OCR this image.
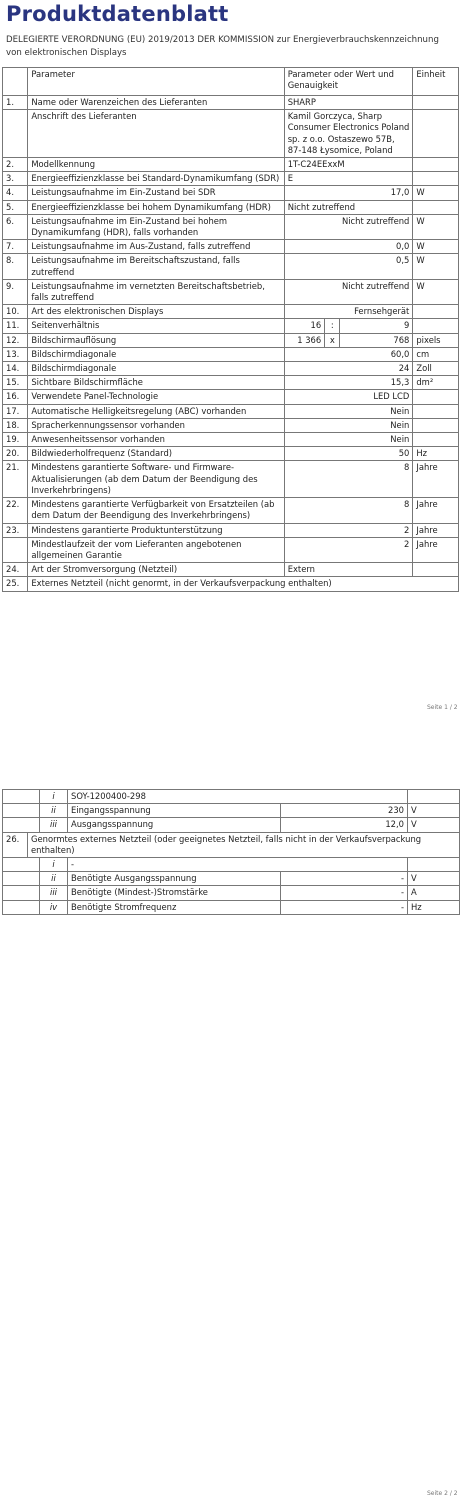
Produktdatenblatt
DELEGIERTE VERORDNUNG (EU) 2019/2013 DER KOMMISSION zur Energieverbrauchskennzeichnung von elektronischen Displays
	Parameter	Parameter oder Wert und Genauigkeit			Einheit
1.	Name oder Warenzeichen des Lieferanten	SHARP			
	Anschrift des Lieferanten	Kamil Gorczyca, Sharp Consumer Electronics Poland sp. z o.o. Ostaszewo 57B, 87-148 Łysomice, Poland			
2.	Modellkennung	1T-C24EExxM			
3.	Energieeffizienzklasse bei Standard-Dynamikumfang (SDR)	E			
4.	Leistungsaufnahme im Ein-Zustand bei SDR	17,0			W
5.	Energieeffizienzklasse bei hohem Dynamikumfang (HDR)	Nicht zutreffend			
6.	Leistungsaufnahme im Ein-Zustand bei hohem Dynamikumfang (HDR), falls vorhanden	Nicht zutreffend			W
7.	Leistungsaufnahme im Aus-Zustand, falls zutreffend	0,0			W
8.	Leistungsaufnahme im Bereitschaftszustand, falls zutreffend	0,5			W
9.	Leistungsaufnahme im vernetzten Bereitschaftsbetrieb, falls zutreffend	Nicht zutreffend			W
10.	Art des elektronischen Displays	Fernsehgerät			
11.	Seitenverhältnis	16	:	9	
12.	Bildschirmauflösung	1 366	x	768	pixels
13.	Bildschirmdiagonale	60,0			cm
14.	Bildschirmdiagonale	24			Zoll
15.	Sichtbare Bildschirmfläche	15,3			dm²
16.	Verwendete Panel-Technologie	LED LCD			
17.	Automatische Helligkeitsregelung (ABC) vorhanden	Nein			
18.	Spracherkennungssensor vorhanden	Nein			
19.	Anwesenheitssensor vorhanden	Nein			
20.	Bildwiederholfrequenz (Standard)	50			Hz
21.	Mindestens garantierte Software- und Firmware-Aktualisierungen (ab dem Datum der Beendigung des Inverkehrbringens)	8			Jahre
22.	Mindestens garantierte Verfügbarkeit von Ersatzteilen (ab dem Datum der Beendigung des Inverkehrbringens)	8			Jahre
23.	Mindestens garantierte Produktunterstützung	2			Jahre
	Mindestlaufzeit der vom Lieferanten angebotenen allgemeinen Garantie	2			Jahre
24.	Art der Stromversorgung (Netzteil)	Extern			
25.	Externes Netzteil (nicht genormt, in der Verkaufsverpackung enthalten)				
Seite 1 / 2
		i	SOY-1200400-298		
		ii	Eingangsspannung	230	V
		iii	Ausgangsspannung	12,0	V
26.	Genormtes externes Netzteil (oder geeignetes Netzteil, falls nicht in der Verkaufsverpackung enthalten)				
		i	-		
		ii	Benötigte Ausgangsspannung	-	V
		iii	Benötigte (Mindest-)Stromstärke	-	A
		iv	Benötigte Stromfrequenz	-	Hz
Seite 2 / 2
